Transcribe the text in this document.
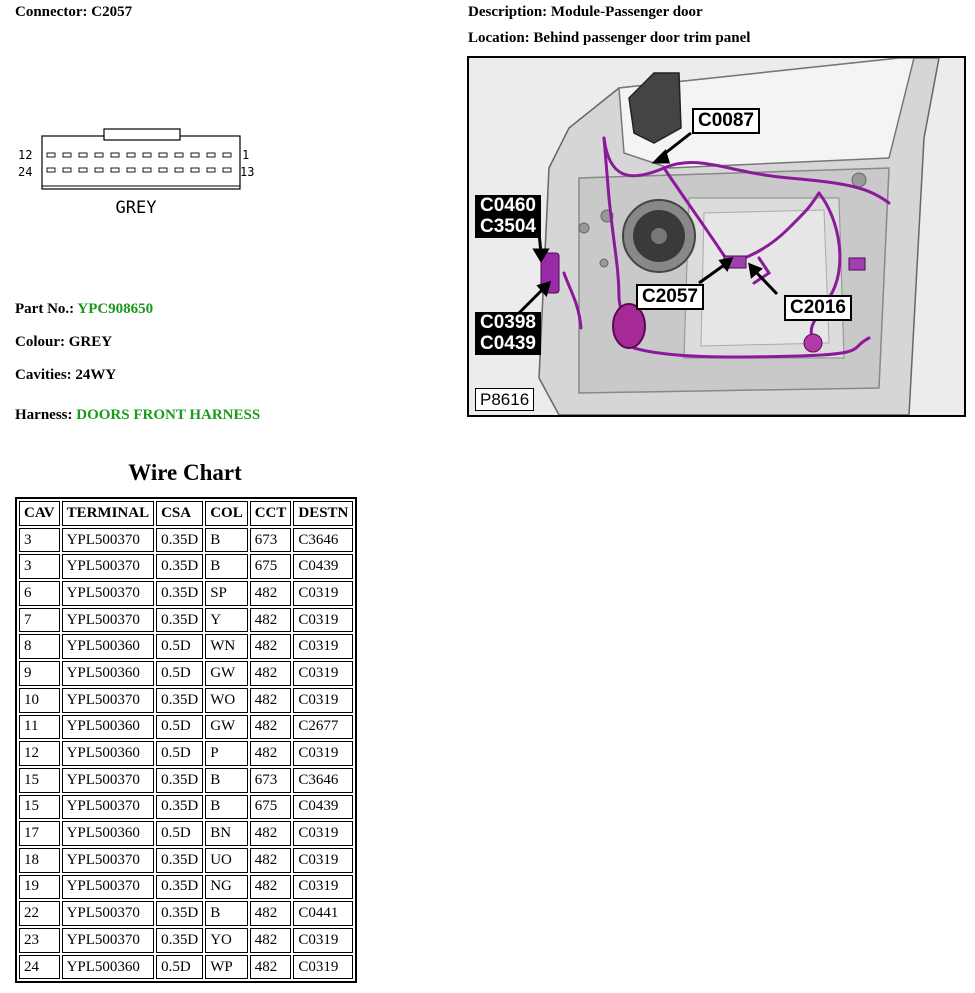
Connector: C2057	Description: Module-Passenger door
Location: Behind passenger door trim panel
12	1
24	13
GREY
Part No.: YPC908650
Colour: GREY
Cavities: 24WY
Harness: DOORS FRONT HARNESS
Wire Chart
CAV	TERMINAL	CSA	COL	CCT	DESTN
3	YPL500370	0.35D	B	673	C3646
3	YPL500370	0.35D	B	675	C0439
6	YPL500370	0.35D	SP	482	C0319
7	YPL500370	0.35D	Y	482	C0319
8	YPL500360	0.5D	WN	482	C0319
9	YPL500360	0.5D	GW	482	C0319
10	YPL500370	0.35D	WO	482	C0319
11	YPL500360	0.5D	GW	482	C2677
12	YPL500360	0.5D	P	482	C0319
15	YPL500370	0.35D	B	673	C3646
15	YPL500370	0.35D	B	675	C0439
17	YPL500360	0.5D	BN	482	C0319
18	YPL500370	0.35D	UO	482	C0319
19	YPL500370	0.35D	NG	482	C0319
22	YPL500370	0.35D	B	482	C0441
23	YPL500370	0.35D	YO	482	C0319
24	YPL500360	0.5D	WP	482	C0319
C0087
C0460
C3504
C2057
C2016
C0398
C0439
P8616
